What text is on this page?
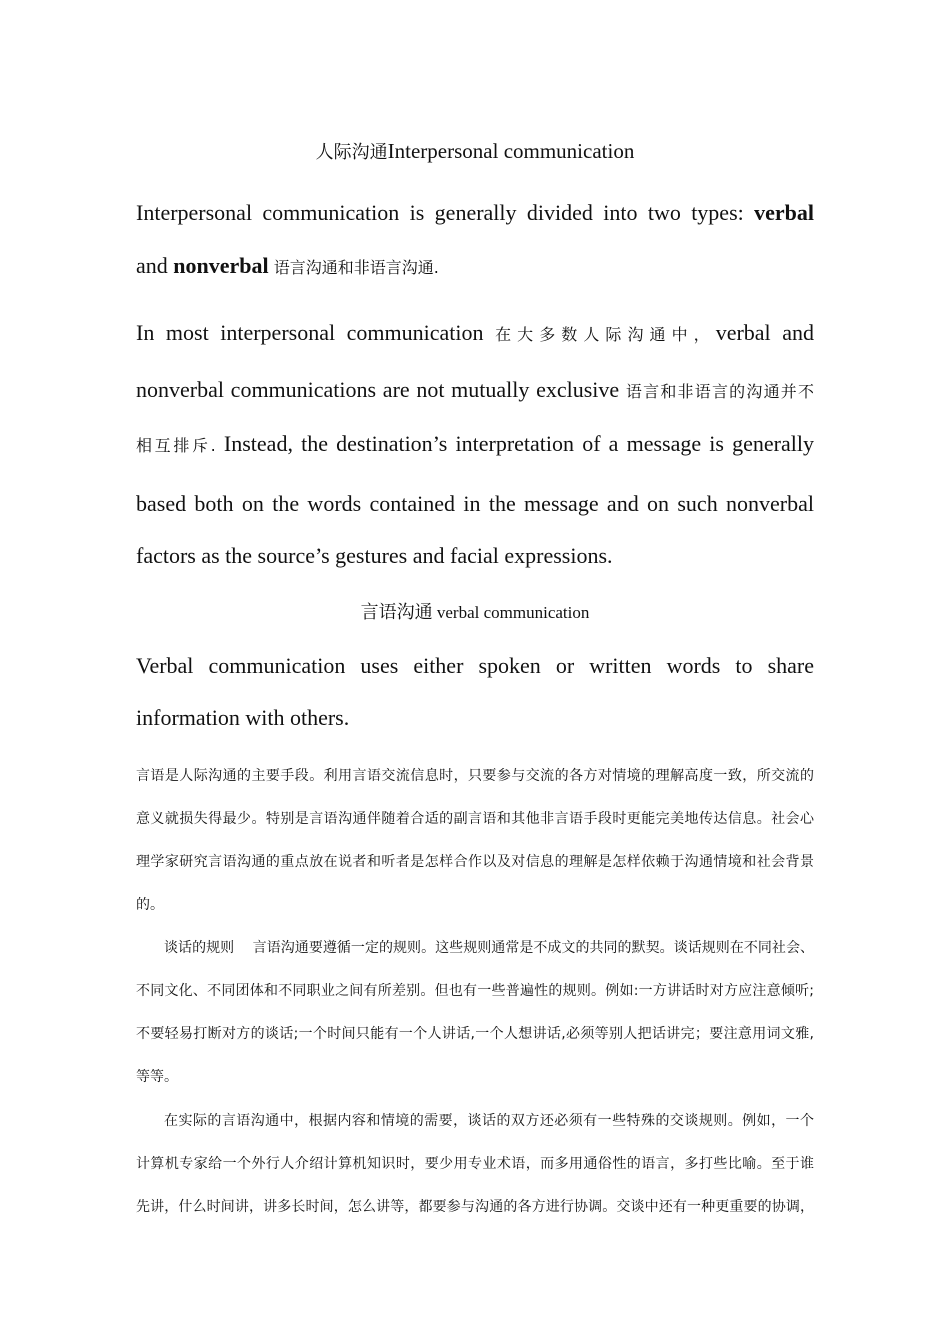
人际沟通Interpersonal communication
Interpersonal communication is generally divided into two types: verbal
and nonverbal 语言沟通和非语言沟通.
In most interpersonal communication 在大多数人际沟通中，verbal and
nonverbal communications are not mutually exclusive 语言和非语言的沟通并不
相互排斥. Instead, the destination’s interpretation of a message is generally
based both on the words contained in the message and on such nonverbal
factors as the source’s gestures and facial expressions.
言语沟通 verbal communication
Verbal communication uses either spoken or written words to share
information with others.
言语是人际沟通的主要手段。利用言语交流信息时，只要参与交流的各方对情境的理解高度一致，所交流的
意义就损失得最少。特别是言语沟通伴随着合适的副言语和其他非言语手段时更能完美地传达信息。社会心
理学家研究言语沟通的重点放在说者和听者是怎样合作以及对信息的理解是怎样依赖于沟通情境和社会背景
的。
谈话的规则　 言语沟通要遵循一定的规则。这些规则通常是不成文的共同的默契。谈话规则在不同社会、
不同文化、不同团体和不同职业之间有所差别。但也有一些普遍性的规则。例如:一方讲话时对方应注意倾听;
不要轻易打断对方的谈话;一个时间只能有一个人讲话,一个人想讲话,必须等别人把话讲完；要注意用词文雅,
等等。
在实际的言语沟通中，根据内容和情境的需要，谈话的双方还必须有一些特殊的交谈规则。例如，一个
计算机专家给一个外行人介绍计算机知识时，要少用专业术语，而多用通俗性的语言，多打些比喻。至于谁
先讲，什么时间讲，讲多长时间，怎么讲等，都要参与沟通的各方进行协调。交谈中还有一种更重要的协调，
